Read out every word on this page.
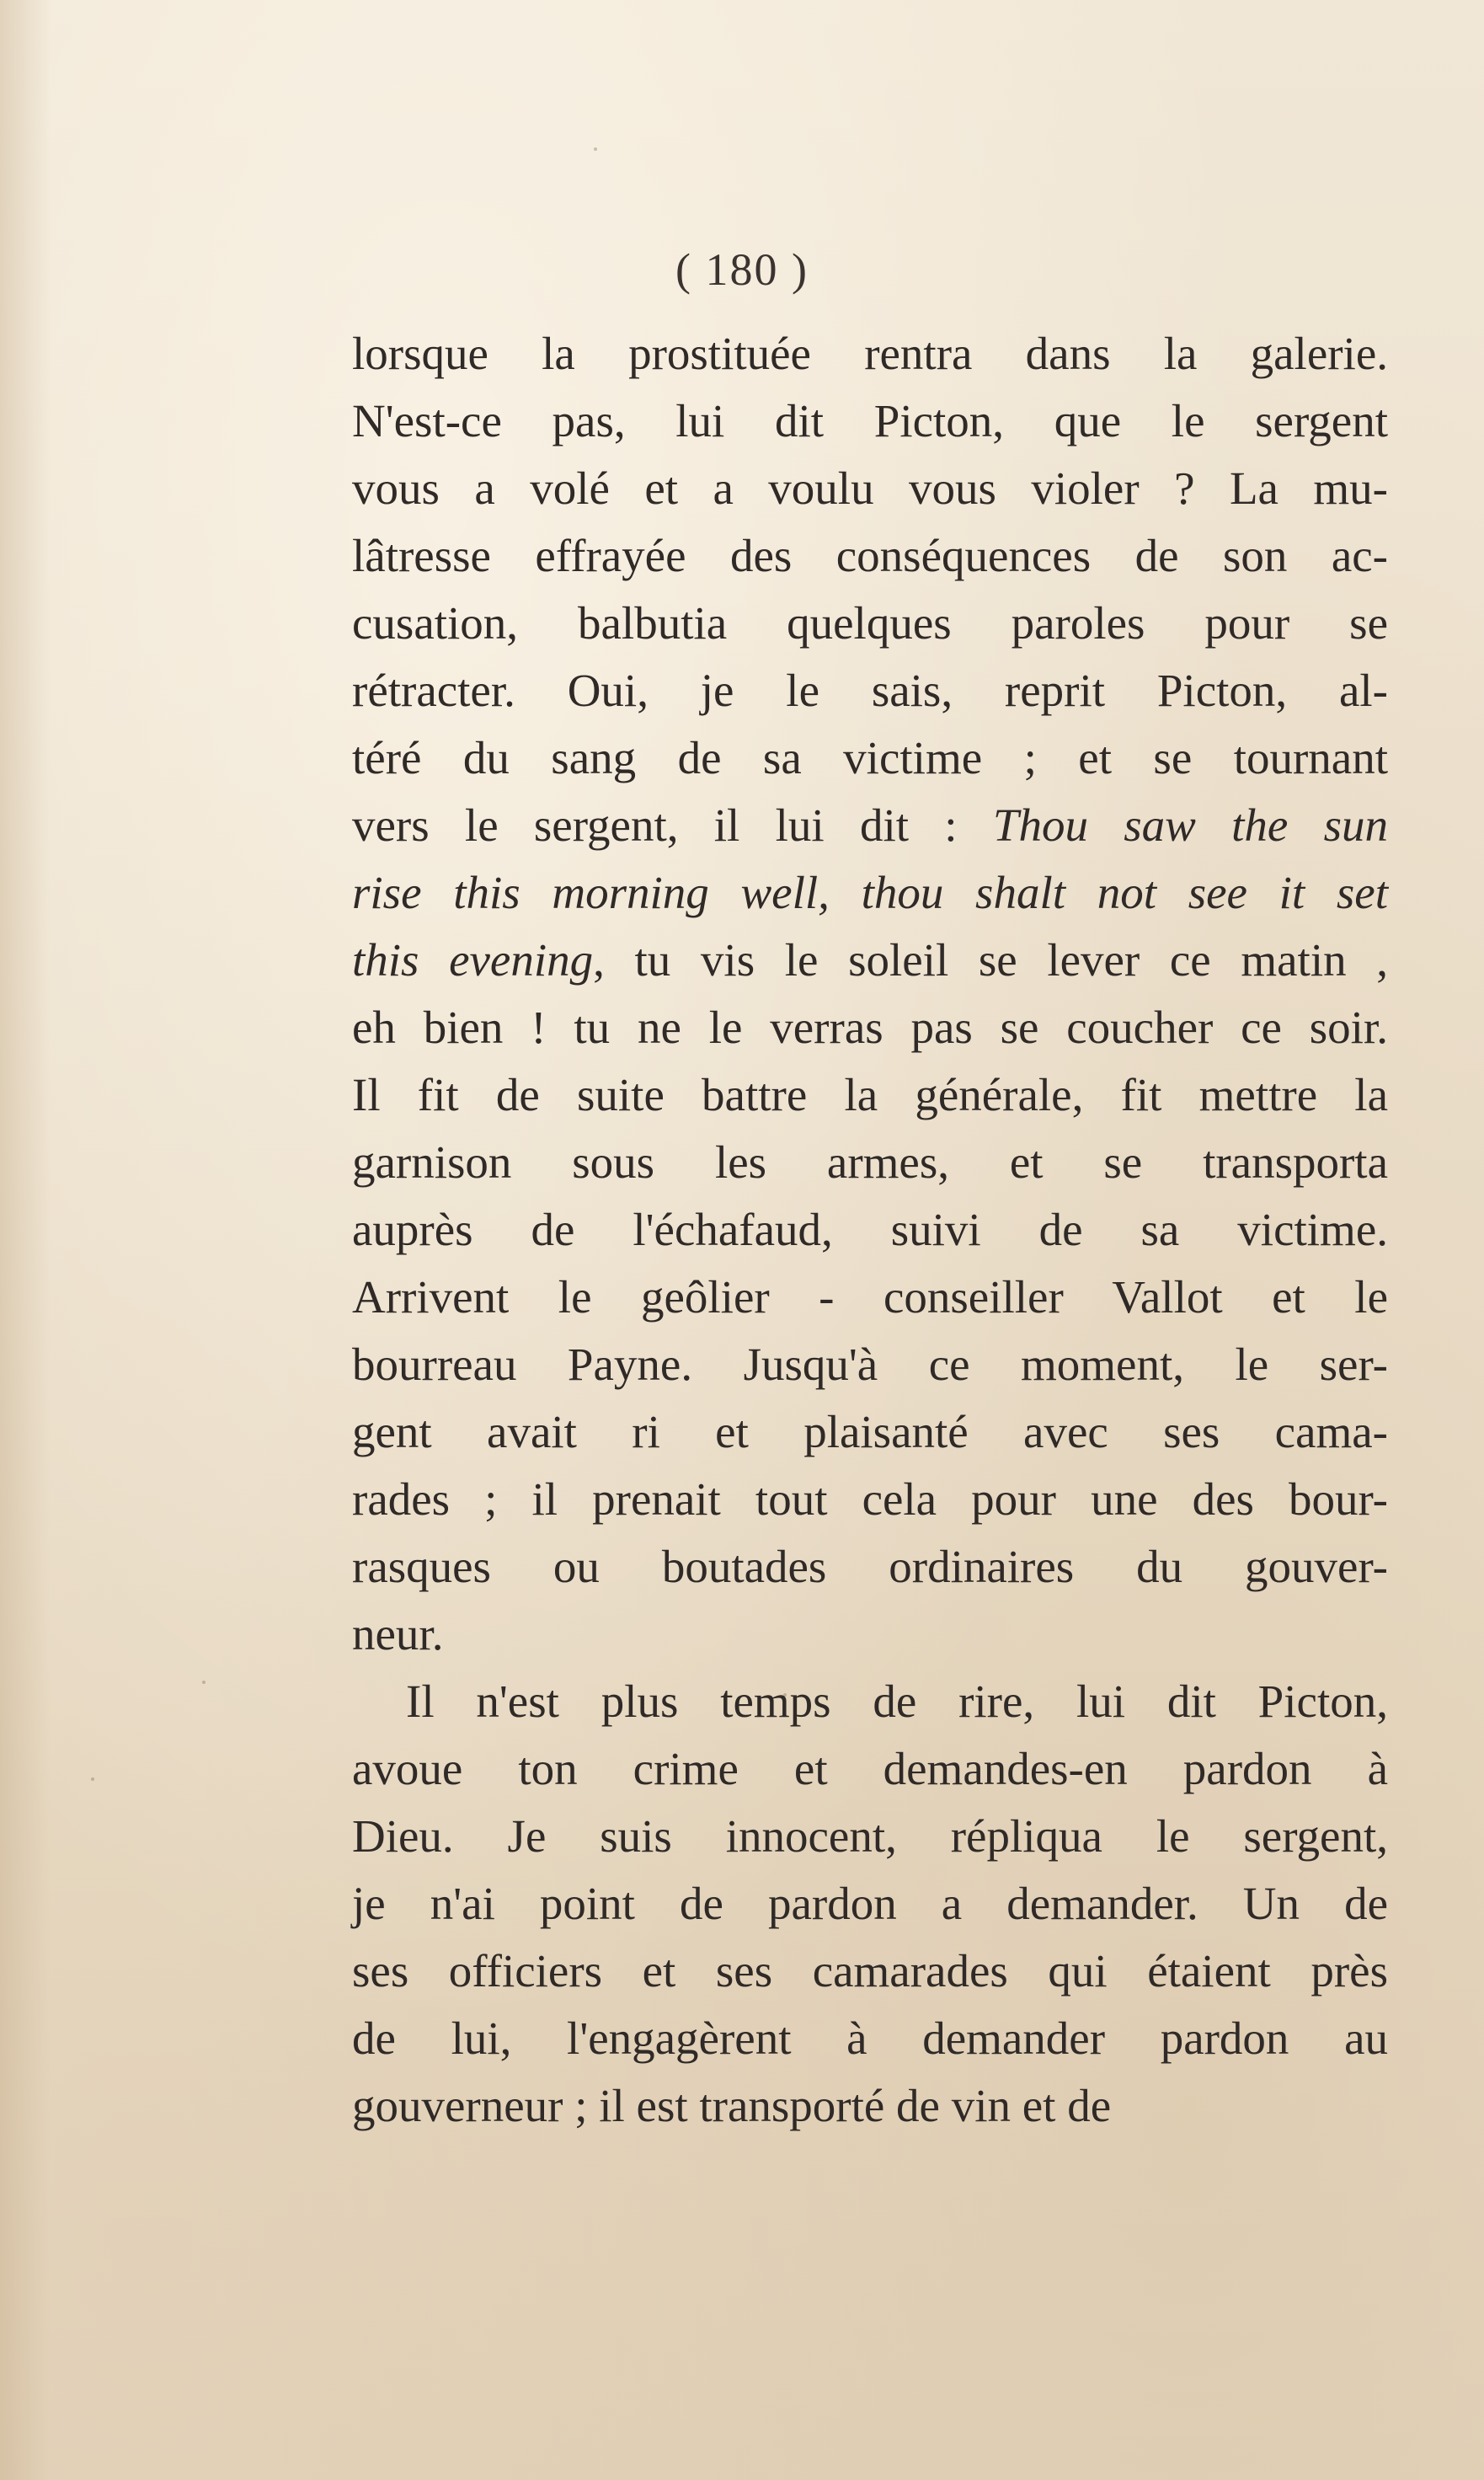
( 180 )
lorsque la prostituée rentra dans la galerie.
N'est-ce pas, lui dit Picton, que le sergent
vous a volé et a voulu vous violer ? La mu-
lâtresse effrayée des conséquences de son ac-
cusation, balbutia quelques paroles pour se
rétracter. Oui, je le sais, reprit Picton, al-
téré du sang de sa victime ; et se tournant
vers le sergent, il lui dit : Thou saw the sun
rise this morning well, thou shalt not see it set
this evening, tu vis le soleil se lever ce matin ,
eh bien ! tu ne le verras pas se coucher ce soir.
Il fit de suite battre la générale, fit mettre la
garnison sous les armes, et se transporta
auprès de l'échafaud, suivi de sa victime.
Arrivent le geôlier - conseiller Vallot et le
bourreau Payne. Jusqu'à ce moment, le ser-
gent avait ri et plaisanté avec ses cama-
rades ; il prenait tout cela pour une des bour-
rasques ou boutades ordinaires du gouver-
neur.
Il n'est plus temps de rire, lui dit Picton,
avoue ton crime et demandes-en pardon à
Dieu. Je suis innocent, répliqua le sergent,
je n'ai point de pardon a demander. Un de
ses officiers et ses camarades qui étaient près
de lui, l'engagèrent à demander pardon au
gouverneur ; il est transporté de vin et de
